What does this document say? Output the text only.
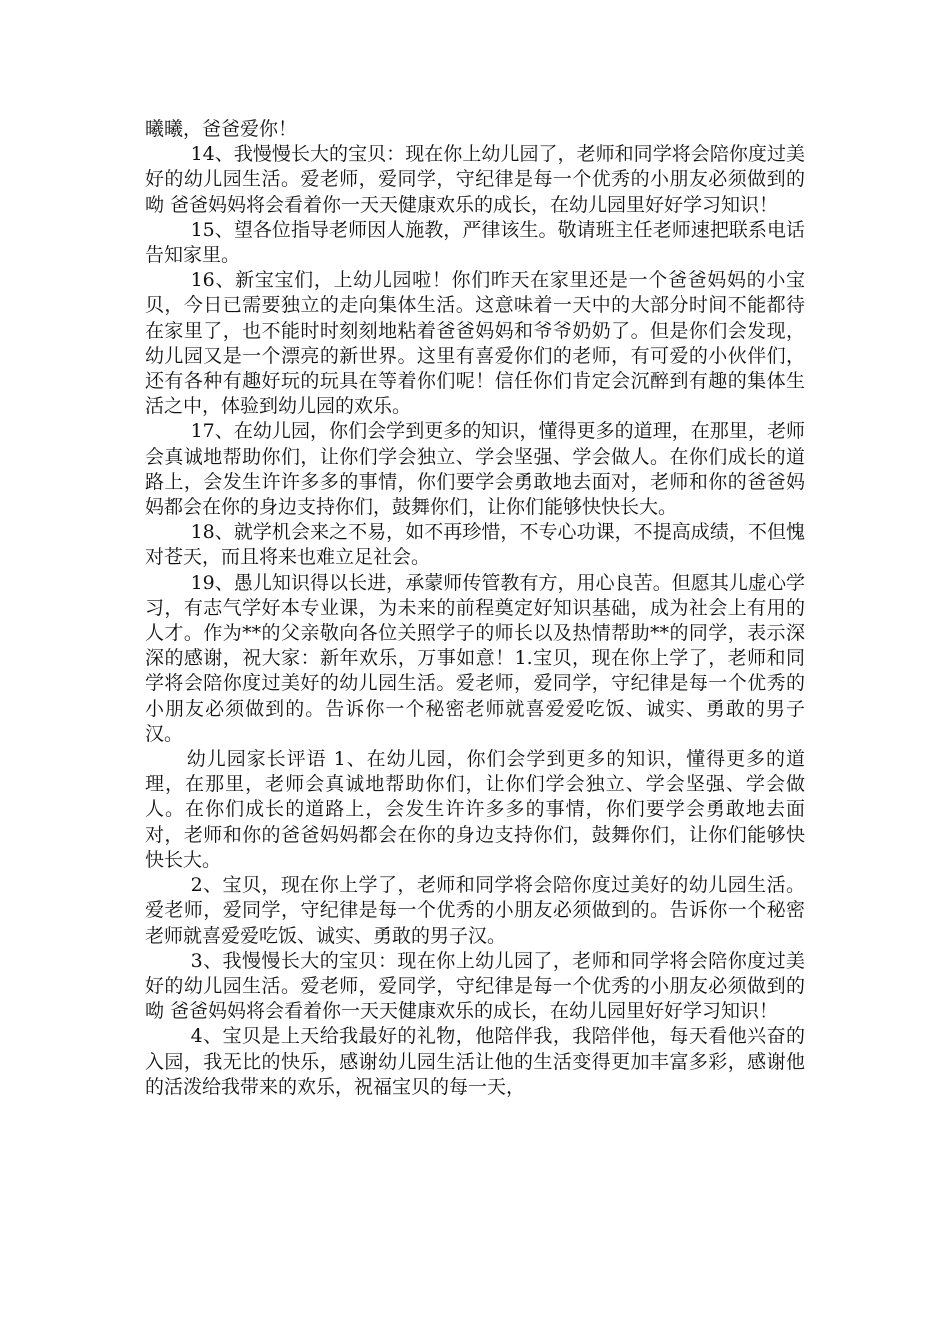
曦曦，爸爸爱你！

14、我慢慢长大的宝贝：现在你上幼儿园了，老师和同学将会陪你度过美好的幼儿园生活。爱老师，爱同学，守纪律是每一个优秀的小朋友必须做到的呦 爸爸妈妈将会看着你一天天健康欢乐的成长，在幼儿园里好好学习知识！

15、望各位指导老师因人施教，严律该生。敬请班主任老师速把联系电话告知家里。

16、新宝宝们，上幼儿园啦！你们昨天在家里还是一个爸爸妈妈的小宝贝，今日已需要独立的走向集体生活。这意味着一天中的大部分时间不能都待在家里了，也不能时时刻刻地粘着爸爸妈妈和爷爷奶奶了。但是你们会发现，幼儿园又是一个漂亮的新世界。这里有喜爱你们的老师，有可爱的小伙伴们，还有各种有趣好玩的玩具在等着你们呢！信任你们肯定会沉醉到有趣的集体生活之中，体验到幼儿园的欢乐。

17、在幼儿园，你们会学到更多的知识，懂得更多的道理，在那里，老师会真诚地帮助你们，让你们学会独立、学会坚强、学会做人。在你们成长的道路上，会发生许许多多的事情，你们要学会勇敢地去面对，老师和你的爸爸妈妈都会在你的身边支持你们，鼓舞你们，让你们能够快快长大。

18、就学机会来之不易，如不再珍惜，不专心功课，不提高成绩，不但愧对苍天，而且将来也难立足社会。

19、愚儿知识得以长进，承蒙师传管教有方，用心良苦。但愿其儿虚心学习，有志气学好本专业课，为未来的前程奠定好知识基础，成为社会上有用的人才。作为**的父亲敬向各位关照学子的师长以及热情帮助**的同学，表示深深的感谢，祝大家：新年欢乐，万事如意！1.宝贝，现在你上学了，老师和同学将会陪你度过美好的幼儿园生活。爱老师，爱同学，守纪律是每一个优秀的小朋友必须做到的。告诉你一个秘密老师就喜爱爱吃饭、诚实、勇敢的男子汉。

幼儿园家长评语 1、在幼儿园，你们会学到更多的知识，懂得更多的道理，在那里，老师会真诚地帮助你们，让你们学会独立、学会坚强、学会做人。在你们成长的道路上，会发生许许多多的事情，你们要学会勇敢地去面对，老师和你的爸爸妈妈都会在你的身边支持你们，鼓舞你们，让你们能够快快长大。

2、宝贝，现在你上学了，老师和同学将会陪你度过美好的幼儿园生活。爱老师，爱同学，守纪律是每一个优秀的小朋友必须做到的。告诉你一个秘密老师就喜爱爱吃饭、诚实、勇敢的男子汉。

3、我慢慢长大的宝贝：现在你上幼儿园了，老师和同学将会陪你度过美好的幼儿园生活。爱老师，爱同学，守纪律是每一个优秀的小朋友必须做到的呦 爸爸妈妈将会看着你一天天健康欢乐的成长，在幼儿园里好好学习知识！

4、宝贝是上天给我最好的礼物，他陪伴我，我陪伴他，每天看他兴奋的入园，我无比的快乐，感谢幼儿园生活让他的生活变得更加丰富多彩，感谢他的活泼给我带来的欢乐，祝福宝贝的每一天，
